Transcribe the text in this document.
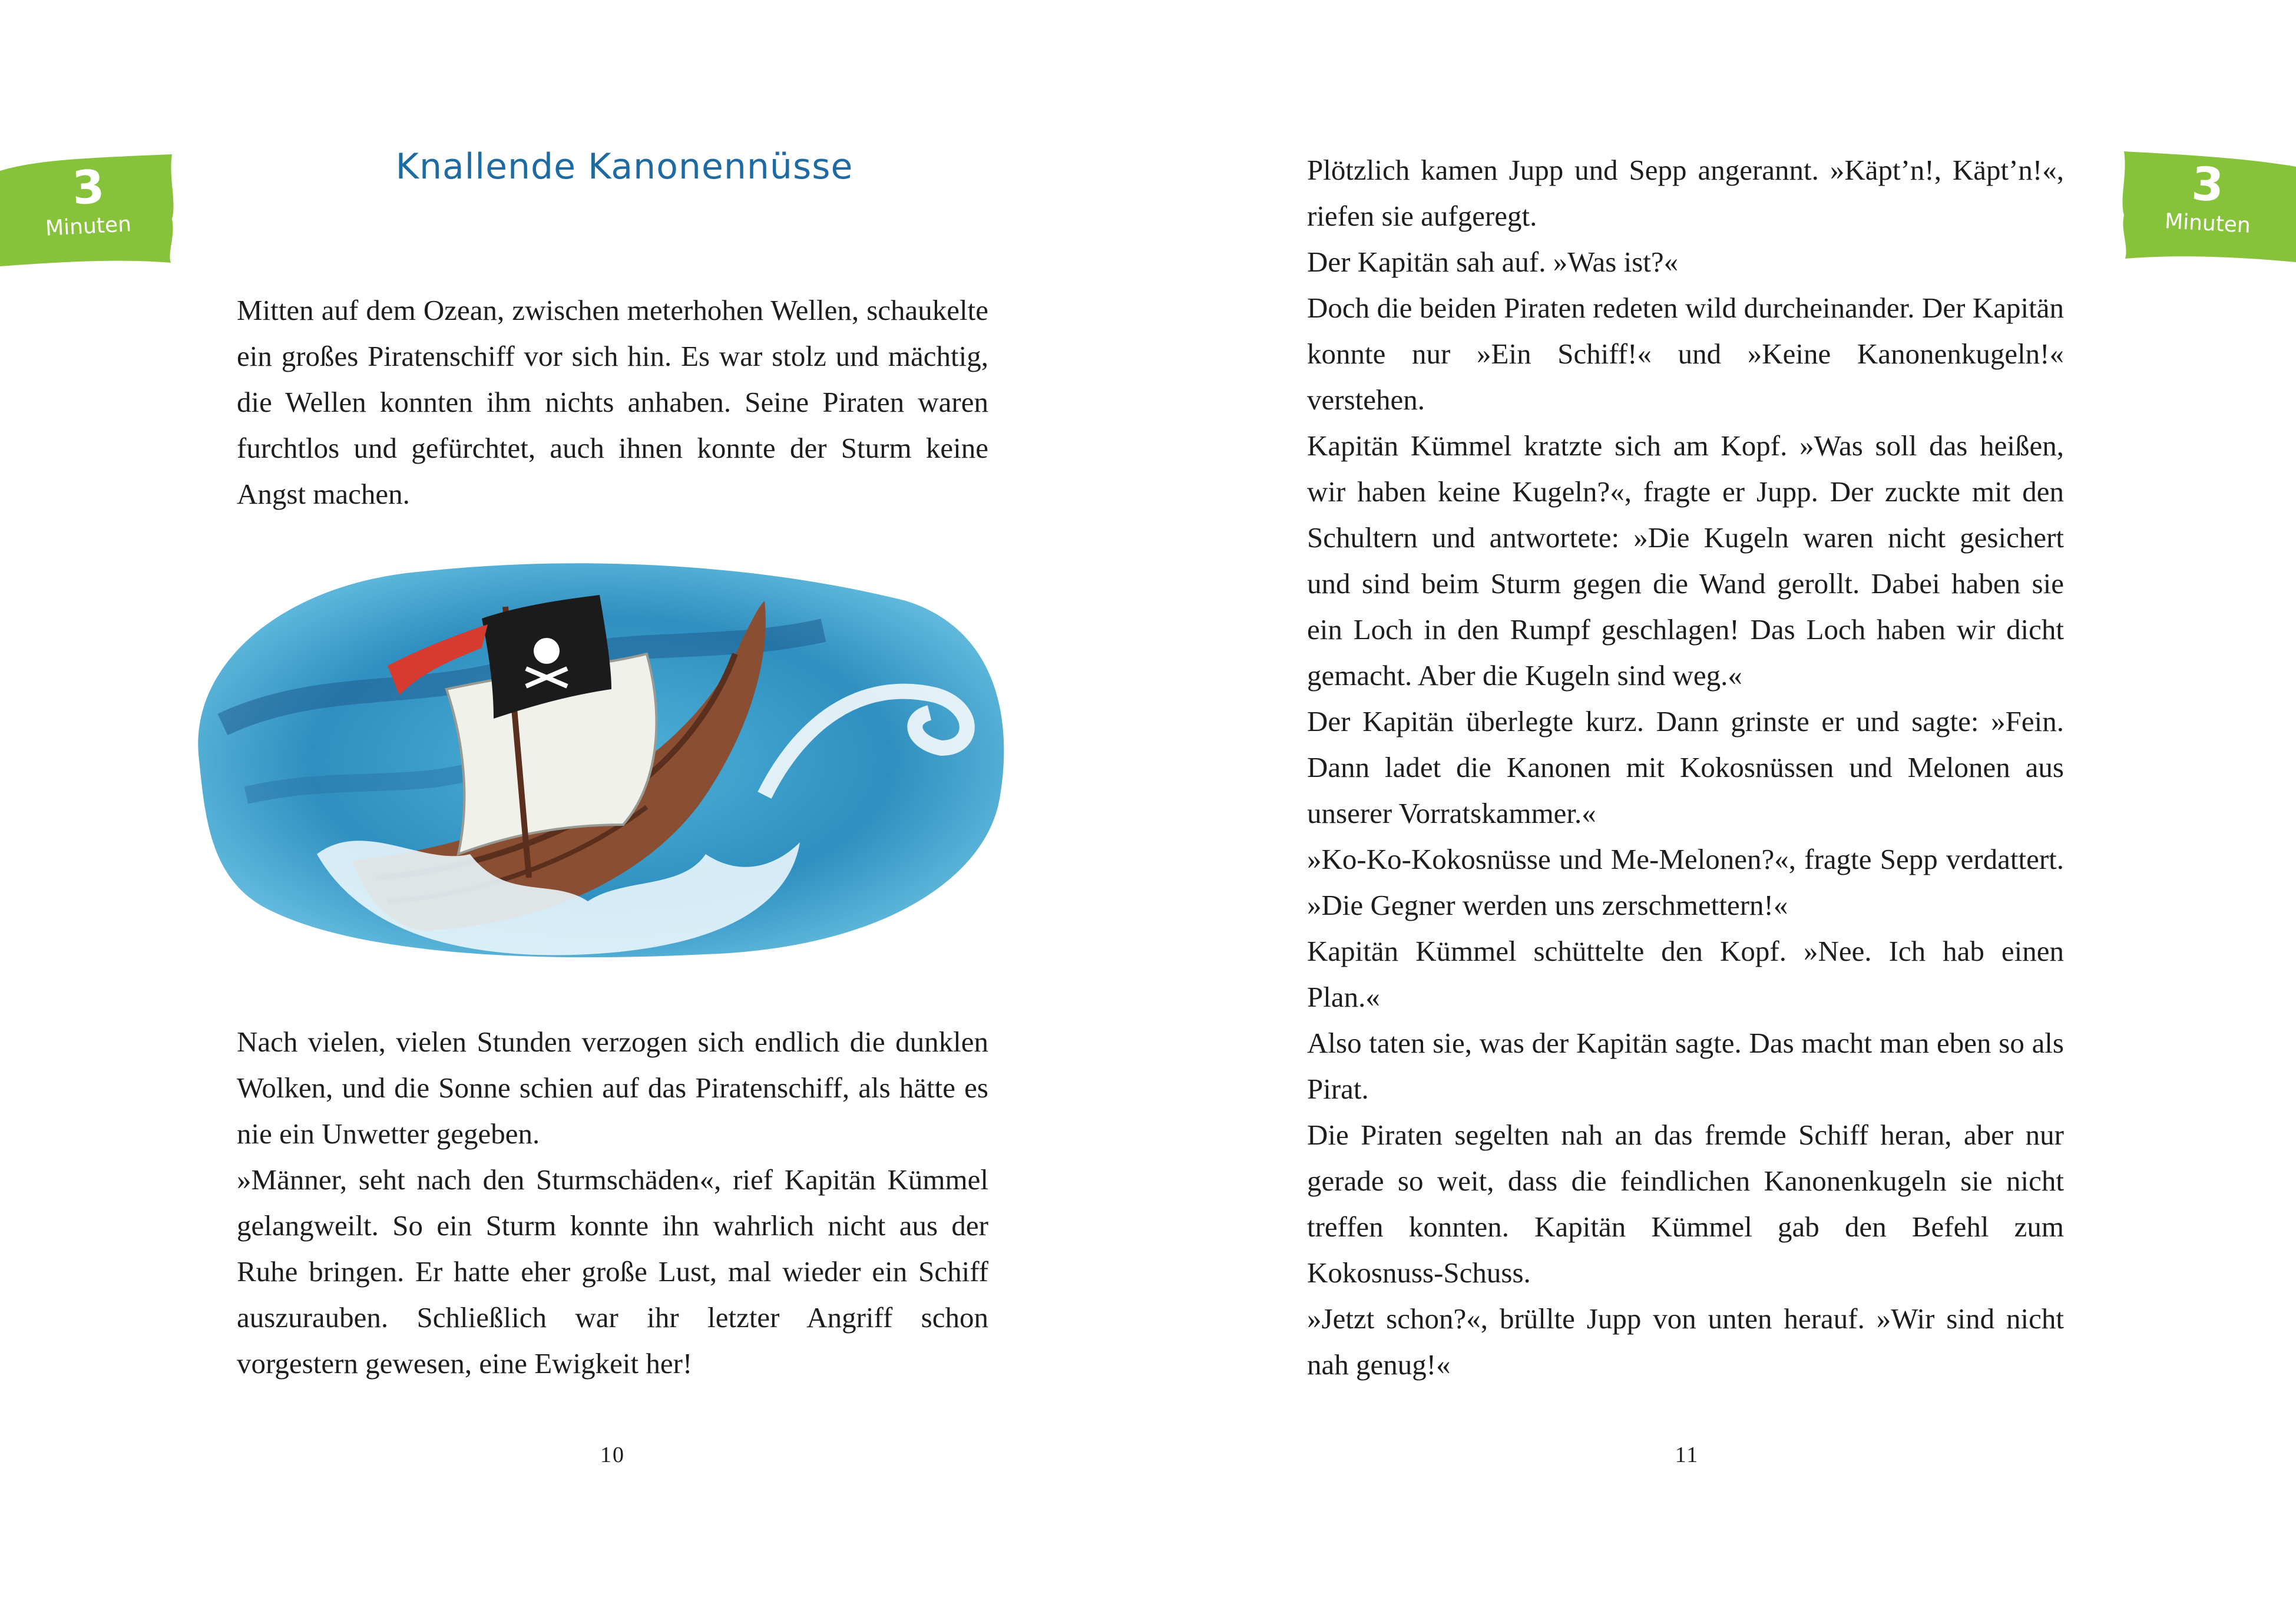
3
Minuten
Knallende Kanonennüsse

Mitten auf dem Ozean, zwischen meterhohen Wellen, schaukelte ein großes Piratenschiff vor sich hin. Es war stolz und mächtig, die Wellen konnten ihm nichts anhaben. Seine Piraten waren furchtlos und gefürchtet, auch ihnen konnte der Sturm keine Angst machen.

Nach vielen, vielen Stunden verzogen sich endlich die dunklen Wolken, und die Sonne schien auf das Piratenschiff, als hätte es nie ein Unwetter gegeben.

»Männer, seht nach den Sturmschäden«, rief Kapitän Kümmel gelangweilt. So ein Sturm konnte ihn wahrlich nicht aus der Ruhe bringen. Er hatte eher große Lust, mal wieder ein Schiff auszurauben. Schließlich war ihr letzter Angriff schon vorgestern gewesen, eine Ewigkeit her!

10

Plötzlich kamen Jupp und Sepp angerannt. »Käpt’n!, Käpt’n!«, riefen sie aufgeregt.

Der Kapitän sah auf. »Was ist?«

Doch die beiden Piraten redeten wild durcheinander. Der Kapitän konnte nur »Ein Schiff!« und »Keine Kanonenkugeln!« verstehen.

Kapitän Kümmel kratzte sich am Kopf. »Was soll das heißen, wir haben keine Kugeln?«, fragte er Jupp. Der zuckte mit den Schultern und antwortete: »Die Kugeln waren nicht gesichert und sind beim Sturm gegen die Wand gerollt. Dabei haben sie ein Loch in den Rumpf geschlagen! Das Loch haben wir dicht gemacht. Aber die Kugeln sind weg.«

Der Kapitän überlegte kurz. Dann grinste er und sagte: »Fein. Dann ladet die Kanonen mit Kokosnüssen und Melonen aus unserer Vorratskammer.«

»Ko-Ko-Kokosnüsse und Me-Melonen?«, fragte Sepp verdattert. »Die Gegner werden uns zerschmettern!«

Kapitän Kümmel schüttelte den Kopf. »Nee. Ich hab einen Plan.«

Also taten sie, was der Kapitän sagte. Das macht man eben so als Pirat.

Die Piraten segelten nah an das fremde Schiff heran, aber nur gerade so weit, dass die feindlichen Kanonenkugeln sie nicht treffen konnten. Kapitän Kümmel gab den Befehl zum Kokosnuss-Schuss.

»Jetzt schon?«, brüllte Jupp von unten herauf. »Wir sind nicht nah genug!«

11
3
Minuten
